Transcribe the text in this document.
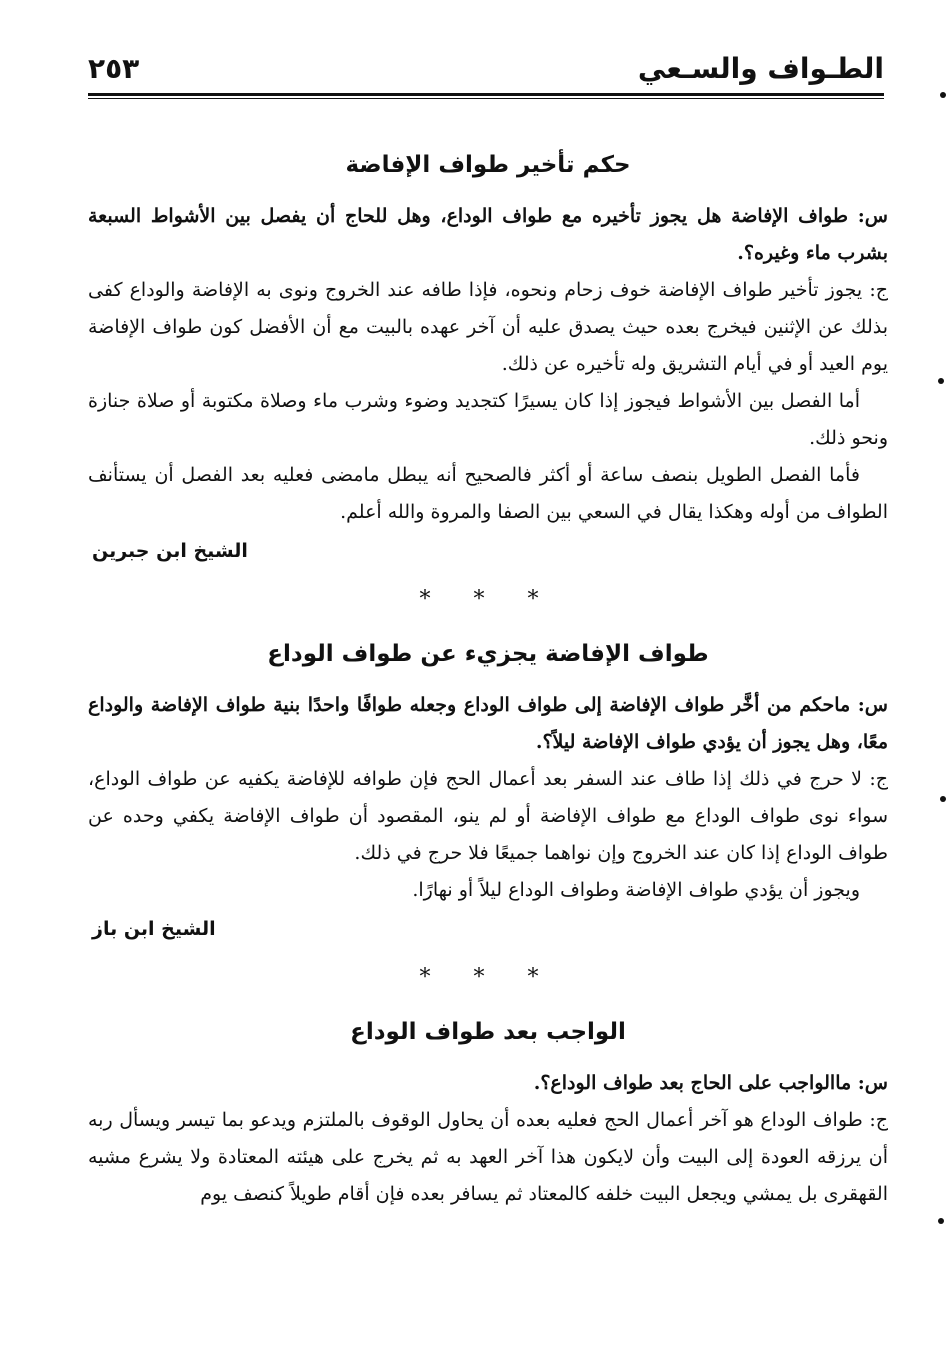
الطـواف والسـعي
٢٥٣
حكم تأخير طواف الإفاضة

س: طواف الإفاضة هل يجوز تأخيره مع طواف الوداع، وهل للحاج أن يفصل بين الأشواط السبعة بشرب ماء وغيره؟.

ج: يجوز تأخير طواف الإفاضة خوف زحام ونحوه، فإذا طافه عند الخروج ونوى به الإفاضة والوداع كفى بذلك عن الإثنين فيخرج بعده حيث يصدق عليه أن آخر عهده بالبيت مع أن الأفضل كون طواف الإفاضة يوم العيد أو في أيام التشريق وله تأخيره عن ذلك.

أما الفصل بين الأشواط فيجوز إذا كان يسيرًا كتجديد وضوء وشرب ماء وصلاة مكتوبة أو صلاة جنازة ونحو ذلك.

فأما الفصل الطويل بنصف ساعة أو أكثر فالصحيح أنه يبطل مامضى فعليه بعد الفصل أن يستأنف الطواف من أوله وهكذا يقال في السعي بين الصفا والمروة والله أعلم.

الشيخ ابن جبرين
* * *
طواف الإفاضة يجزيء عن طواف الوداع

س: ماحكم من أخَّر طواف الإفاضة إلى طواف الوداع وجعله طوافًا واحدًا بنية طواف الإفاضة والوداع معًا، وهل يجوز أن يؤدي طواف الإفاضة ليلاً؟.

ج: لا حرج في ذلك إذا طاف عند السفر بعد أعمال الحج فإن طوافه للإفاضة يكفيه عن طواف الوداع، سواء نوى طواف الوداع مع طواف الإفاضة أو لم ينو، المقصود أن طواف الإفاضة يكفي وحده عن طواف الوداع إذا كان عند الخروج وإن نواهما جميعًا فلا حرج في ذلك.

ويجوز أن يؤدي طواف الإفاضة وطواف الوداع ليلاً أو نهارًا.

الشيخ ابن باز
* * *
الواجب بعد طواف الوداع

س: ماالواجب على الحاج بعد طواف الوداع؟.

ج: طواف الوداع هو آخر أعمال الحج فعليه بعده أن يحاول الوقوف بالملتزم ويدعو بما تيسر ويسأل ربه أن يرزقه العودة إلى البيت وأن لايكون هذا آخر العهد به ثم يخرج على هيئته المعتادة ولا يشرع مشيه القهقرى بل يمشي ويجعل البيت خلفه كالمعتاد ثم يسافر بعده فإن أقام طويلاً كنصف يوم
